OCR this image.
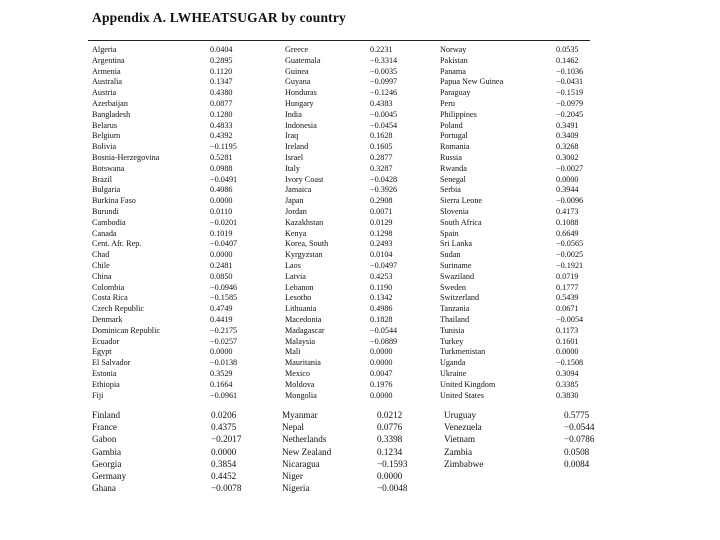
Appendix A. LWHEATSUGAR by country
Algeria	0.0404
Argentina	0.2895
Armenia	0.1120
Australia	0.1347
Austria	0.4380
Azerbaijan	0.0877
Bangladesh	0.1280
Belarus	0.4833
Belgium	0.4392
Bolivia	−0.1195
Bosnia-Herzegovina	0.5281
Botswana	0.0988
Brazil	−0.0491
Bulgaria	0.4086
Burkina Faso	0.0000
Burundi	0.0110
Cambodia	−0.0201
Canada	0.1019
Cent. Afr. Rep.	−0.0407
Chad	0.0000
Chile	0.2481
China	0.0850
Colombia	−0.0946
Costa Rica	−0.1585
Czech Republic	0.4749
Denmark	0.4419
Dominican Republic	−0.2175
Ecuador	−0.0257
Egypt	0.0000
El Salvador	−0.0138
Estonia	0.3529
Ethiopia	0.1664
Fiji	−0.0961
Finland	0.0206
France	0.4375
Gabon	−0.2017
Gambia	0.0000
Georgia	0.3854
Germany	0.4452
Ghana	−0.0078
Greece	0.2231
Guatemala	−0.3314
Guinea	−0.0035
Guyana	−0.0997
Honduras	−0.1246
Hungary	0.4383
India	−0.0045
Indonesia	−0.0454
Iraq	0.1628
Ireland	0.1605
Israel	0.2877
Italy	0.3287
Ivory Coast	−0.0428
Jamaica	−0.3926
Japan	0.2908
Jordan	0.0071
Kazakhstan	0.0129
Kenya	0.1298
Korea, South	0.2493
Kyrgyzstan	0.0104
Laos	−0.0497
Latvia	0.4253
Lebanon	0.1190
Lesotho	0.1342
Lithuania	0.4986
Macedonia	0.1828
Madagascar	−0.0544
Malaysia	−0.0889
Mali	0.0000
Mauritania	0.0000
Mexico	0.0047
Moldova	0.1976
Mongolia	0.0000
Myanmar	0.0212
Nepal	0.0776
Netherlands	0.3398
New Zealand	0.1234
Nicaragua	−0.1593
Niger	0.0000
Nigeria	−0.0048
Norway	0.0535
Pakistan	0.1462
Panama	−0.1036
Papua New Guinea	−0.0431
Paraguay	−0.1519
Peru	−0.0979
Philippines	−0.2045
Poland	0.3491
Portugal	0.3409
Romania	0.3268
Russia	0.3002
Rwanda	−0.0027
Senegal	0.0000
Serbia	0.3944
Sierra Leone	−0.0096
Slovenia	0.4173
South Africa	0.1088
Spain	0.6649
Sri Lanka	−0.0565
Sudan	−0.0025
Suriname	−0.1921
Swaziland	0.0719
Sweden	0.1777
Switzerland	0.5439
Tanzania	0.0671
Thailand	−0.0054
Tunisia	0.1173
Turkey	0.1601
Turkmenistan	0.0000
Uganda	−0.1508
Ukraine	0.3094
United Kingdom	0.3385
United States	0.3830
Uruguay	0.5775
Venezuela	−0.0544
Vietnam	−0.0786
Zambia	0.0508
Zimbabwe	0.0084
